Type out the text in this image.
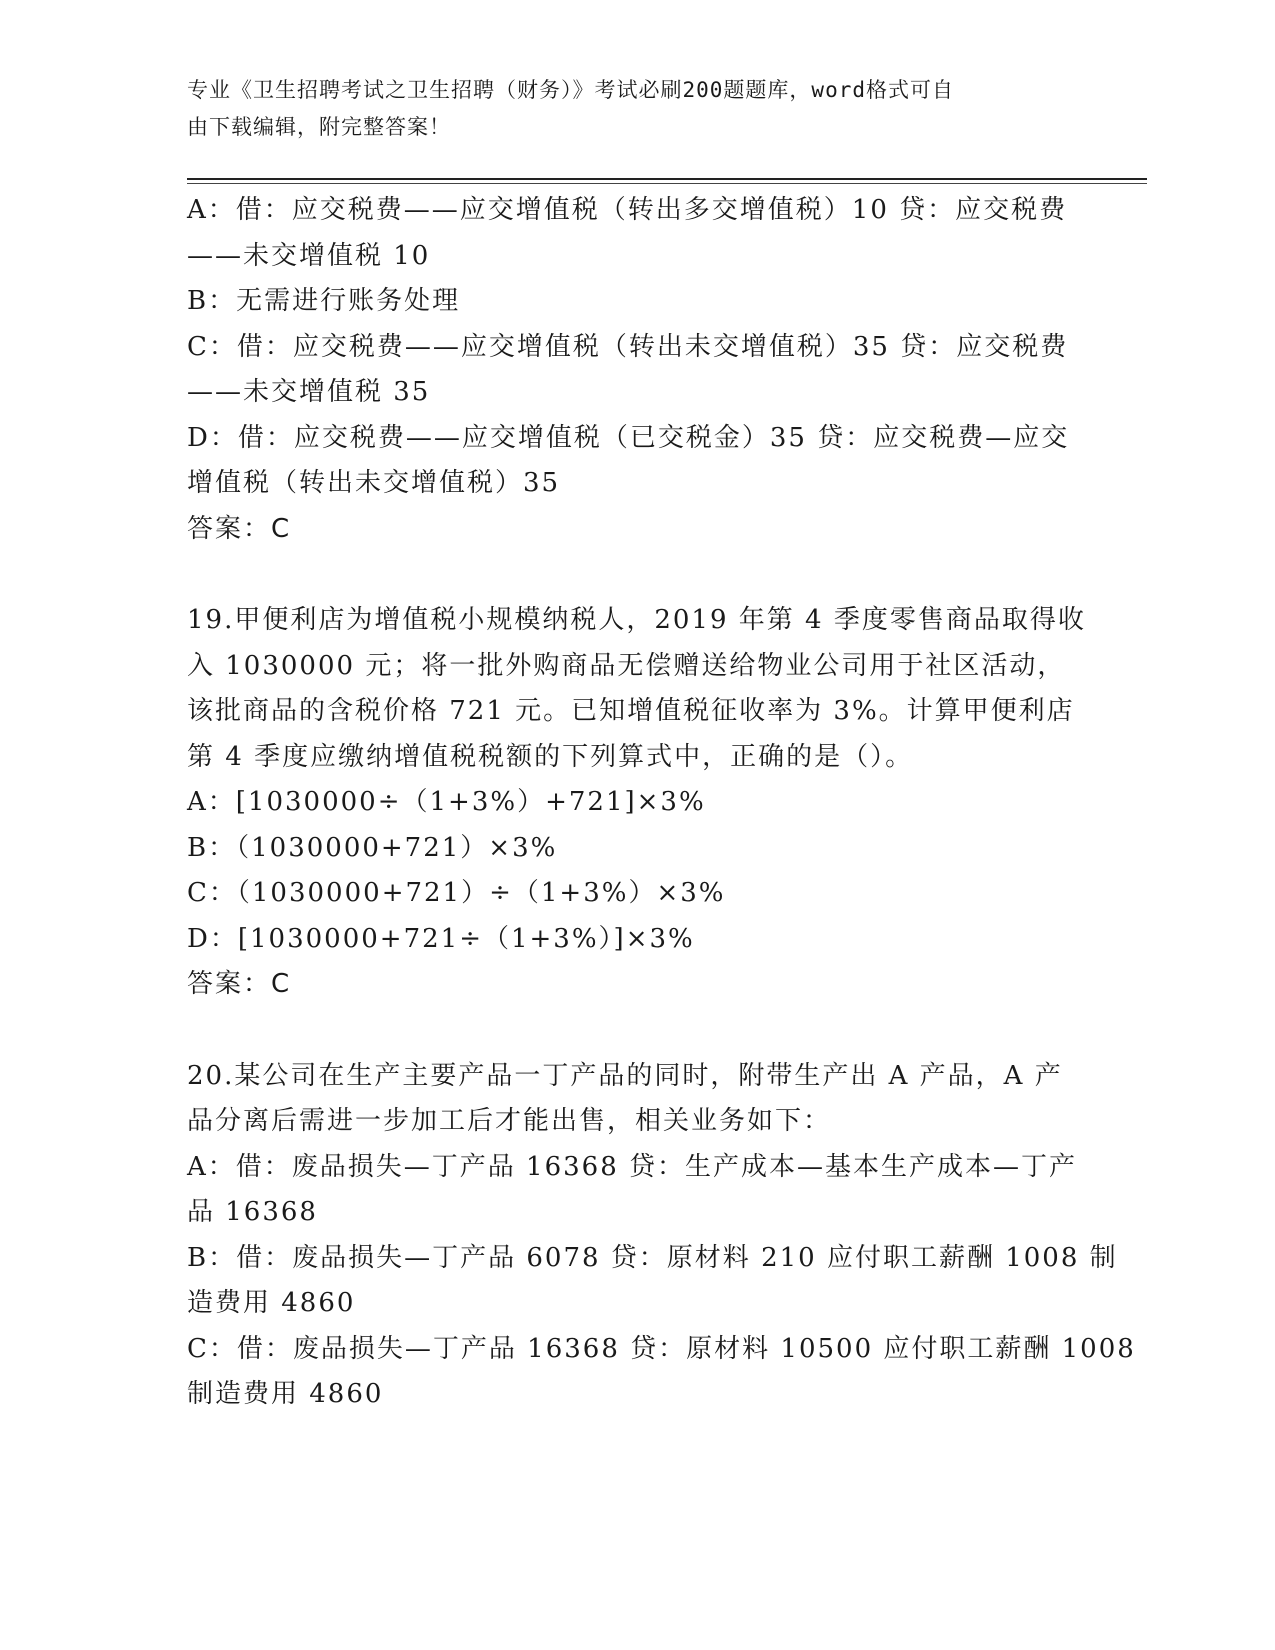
专业《卫生招聘考试之卫生招聘（财务）》考试必刷200题题库，word格式可自
由下载编辑，附完整答案！
A：借：应交税费——应交增值税（转出多交增值税）10 贷：应交税费
——未交增值税 10
B：无需进行账务处理
C：借：应交税费——应交增值税（转出未交增值税）35 贷：应交税费
——未交增值税 35
D：借：应交税费——应交增值税（已交税金）35 贷：应交税费—应交
增值税（转出未交增值税）35
答案：C
19.甲便利店为增值税小规模纳税人，2019 年第 4 季度零售商品取得收
入 1030000 元；将一批外购商品无偿赠送给物业公司用于社区活动，
该批商品的含税价格 721 元。已知增值税征收率为 3%。计算甲便利店
第 4 季度应缴纳增值税税额的下列算式中，正确的是（）。
A：[1030000÷（1+3%）+721]×3%
B：（1030000+721）×3%
C：（1030000+721）÷（1+3%）×3%
D：[1030000+721÷（1+3%）]×3%
答案：C
20.某公司在生产主要产品一丁产品的同时，附带生产出 A 产品，A 产
品分离后需进一步加工后才能出售，相关业务如下：
A：借：废品损失—丁产品 16368 贷：生产成本—基本生产成本—丁产
品 16368
B：借：废品损失—丁产品 6078 贷：原材料 210 应付职工薪酬 1008 制
造费用 4860
C：借：废品损失—丁产品 16368 贷：原材料 10500 应付职工薪酬 1008
制造费用 4860
